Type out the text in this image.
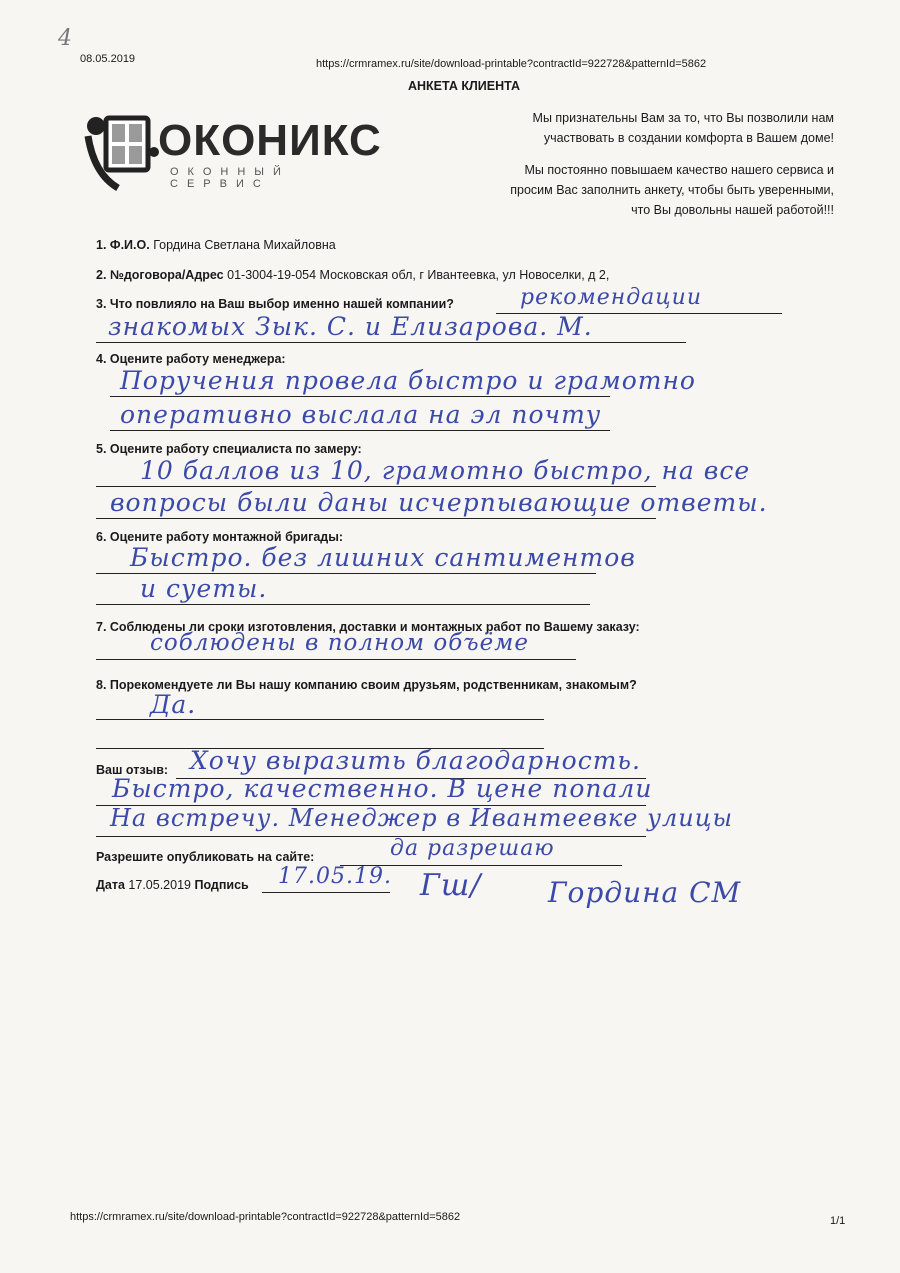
4
08.05.2019	https://crmramex.ru/site/download-printable?contractId=922728&patternId=5862
АНКЕТА КЛИЕНТА
ОКОНИКС
ОКОННЫЙ СЕРВИС
Мы признательны Вам за то, что Вы позволили нам
участвовать в создании комфорта в Вашем доме!
Мы постоянно повышаем качество нашего сервиса и
просим Вас заполнить анкету, чтобы быть уверенными,
что Вы довольны нашей работой!!!
1. Ф.И.О. Гордина Светлана Михайловна
2. №договора/Адрес 01-3004-19-054 Московская обл, г Ивантеевка, ул Новоселки, д 2,
3. Что повлияло на Ваш выбор именно нашей компании?	рекомендации
знакомых Зык. С. и Елизарова. М.
4. Оцените работу менеджера:
Поручения провела быстро и грамотно
оперативно выслала на эл почту
5. Оцените работу специалиста по замеру:
10 баллов из 10, грамотно быстро, на все
вопросы были даны исчерпывающие ответы.
6. Оцените работу монтажной бригады:
Быстро. без лишних сантиментов
и суеты.
7. Соблюдены ли сроки изготовления, доставки и монтажных работ по Вашему заказу:
соблюдены в полном объёме
8. Порекомендуете ли Вы нашу компанию своим друзьям, родственникам, знакомым?
Да.
Ваш отзыв: Хочу выразить благодарность.
Быстро, качественно. В цене попали
На встречу. Менеджер в Ивантеевке улицы
Разрешите опубликовать на сайте:	да разрешаю
Дата 17.05.2019 Подпись 17.05.19. Гш/ Гордина СМ
https://crmramex.ru/site/download-printable?contractId=922728&patternId=5862	1/1
